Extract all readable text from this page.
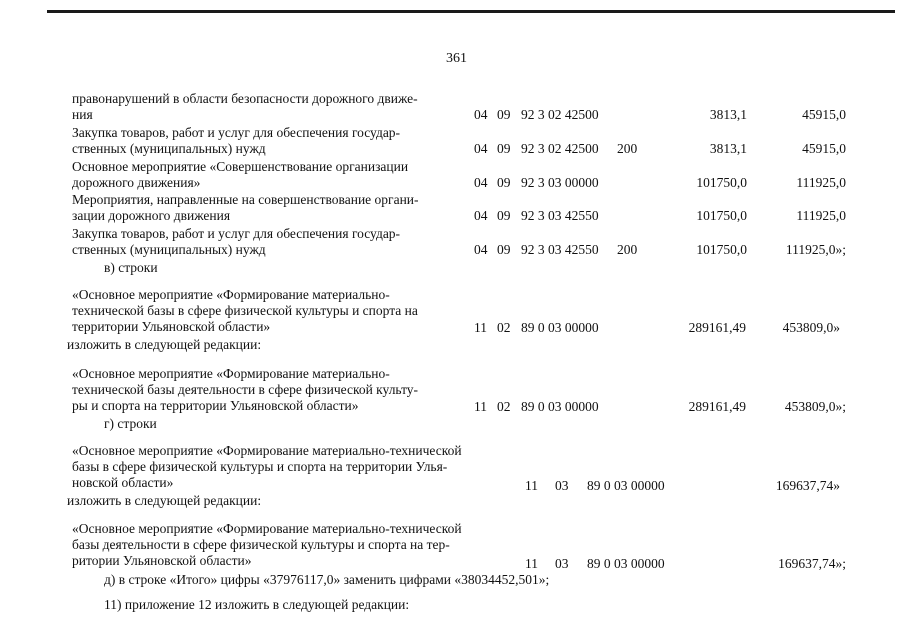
361
правонарушений в области безопасности дорожного движе-
ния	04 09 92 3 02 42500	3813,1	45915,0
Закупка товаров, работ и услуг для обеспечения государ-
ственных (муниципальных) нужд	04 09 92 3 02 42500 200	3813,1	45915,0
Основное мероприятие «Совершенствование организации
дорожного движения»	04 09 92 3 03 00000	101750,0	111925,0
Мероприятия, направленные на совершенствование органи-
зации дорожного движения	04 09 92 3 03 42550	101750,0	111925,0
Закупка товаров, работ и услуг для обеспечения государ-
ственных (муниципальных) нужд	04 09 92 3 03 42550 200	101750,0	111925,0»;
в) строки
«Основное мероприятие «Формирование материально-
технической базы в сфере физической культуры и спорта на
территории Ульяновской области»	11 02 89 0 03 00000	289161,49	453809,0»
изложить в следующей редакции:
«Основное мероприятие «Формирование материально-
технической базы деятельности в сфере физической культу-
ры и спорта на территории Ульяновской области»	11 02 89 0 03 00000	289161,49	453809,0»;
г) строки
«Основное мероприятие «Формирование материально-технической
базы в сфере физической культуры и спорта на территории Улья-
новской области»	11 03 89 0 03 00000	169637,74»
изложить в следующей редакции:
«Основное мероприятие «Формирование материально-технической
базы деятельности в сфере физической культуры и спорта на тер-
ритории Ульяновской области»	11 03 89 0 03 00000	169637,74»;
д) в строке «Итого» цифры «37976117,0» заменить цифрами «38034452,501»;
11) приложение 12 изложить в следующей редакции:
